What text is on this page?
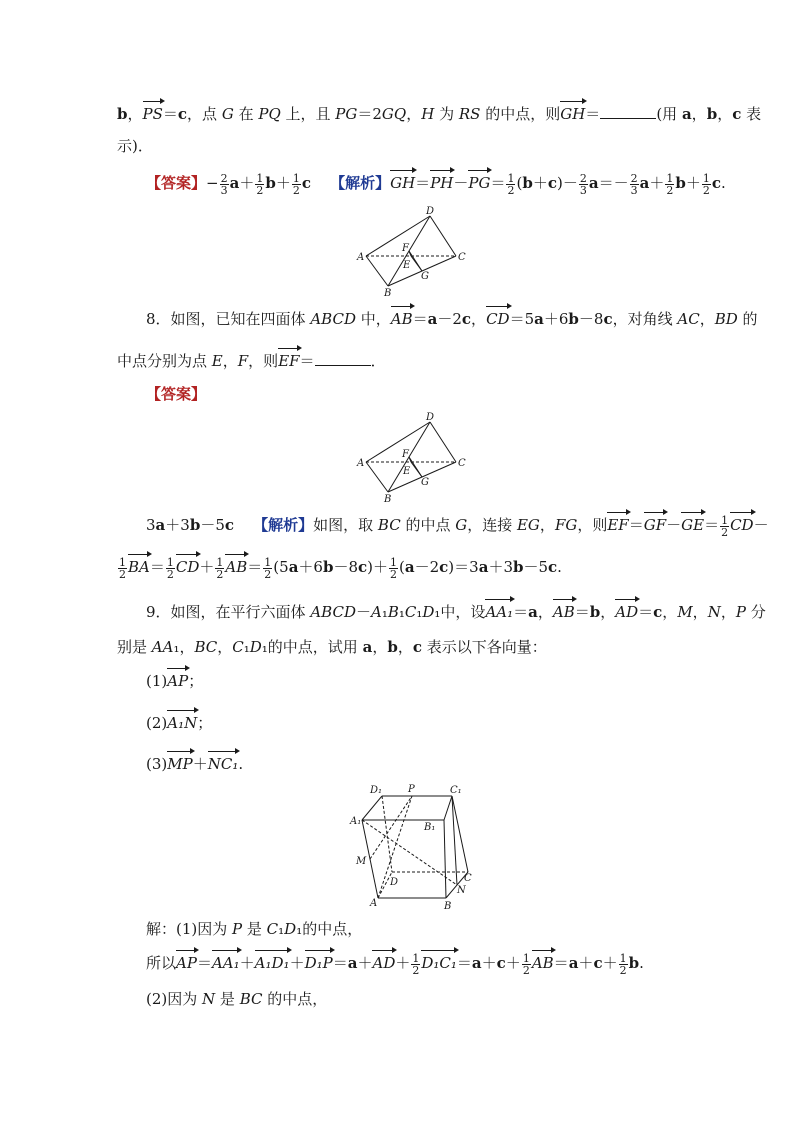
b，PS＝c，点 G 在 PQ 上，且 PG＝2GQ，H 为 RS 的中点，则GH＝	(用 a，b，c 表
示)．
【答案】− $\frac{2}{3} a+ \frac{1}{2} b+ \frac{1}{2}$ c 【解析】$GH=PH-PG= \frac{1}{2} (b+c)- \frac{2}{3} a=- \frac{2}{3} a+ \frac{1}{2} b+ \frac{1}{2} c$.
D
A	C
B
F
E
G
8．如图，已知在四面体 ABCD 中，AB＝a－2c，CD＝5a＋6b－8c，对角线 AC，BD 的
中点分别为点 E，F，则EF＝	．
【答案】
D
A	C
B
F
E
G
3a＋3b－5c 【解析】如图，取 BC 的中点 G，连接 EG，FG，则$EF=GF-GE= \frac{1}{2} CD-$
$\frac{1}{2} BA= \frac{1}{2} CD+ \frac{1}{2} AB= \frac{1}{2} (5a+6b-8c)+ \frac{1}{2} (a-2c)=3a+3b-5c$.
9．如图，在平行六面体 ABCD－A₁B₁C₁D₁中，设AA₁＝a，AB＝b，AD＝c，M，N，P 分
别是 AA₁，BC，C₁D₁的中点，试用 a，b，c 表示以下各向量：
(1)AP；
(2)A₁N；
(3)MP＋NC₁.
D₁	P	C₁
A₁
B₁
M
D	C
N
A	B
解：(1)因为 P 是 C₁D₁的中点，
所以$AP=AA_1+A_1D_1+D_1P=a+AD+ \frac{1}{2} D_1C_1=a+c+ \frac{1}{2} AB=a+c+ \frac{1}{2} b$.
(2)因为 N 是 BC 的中点，
